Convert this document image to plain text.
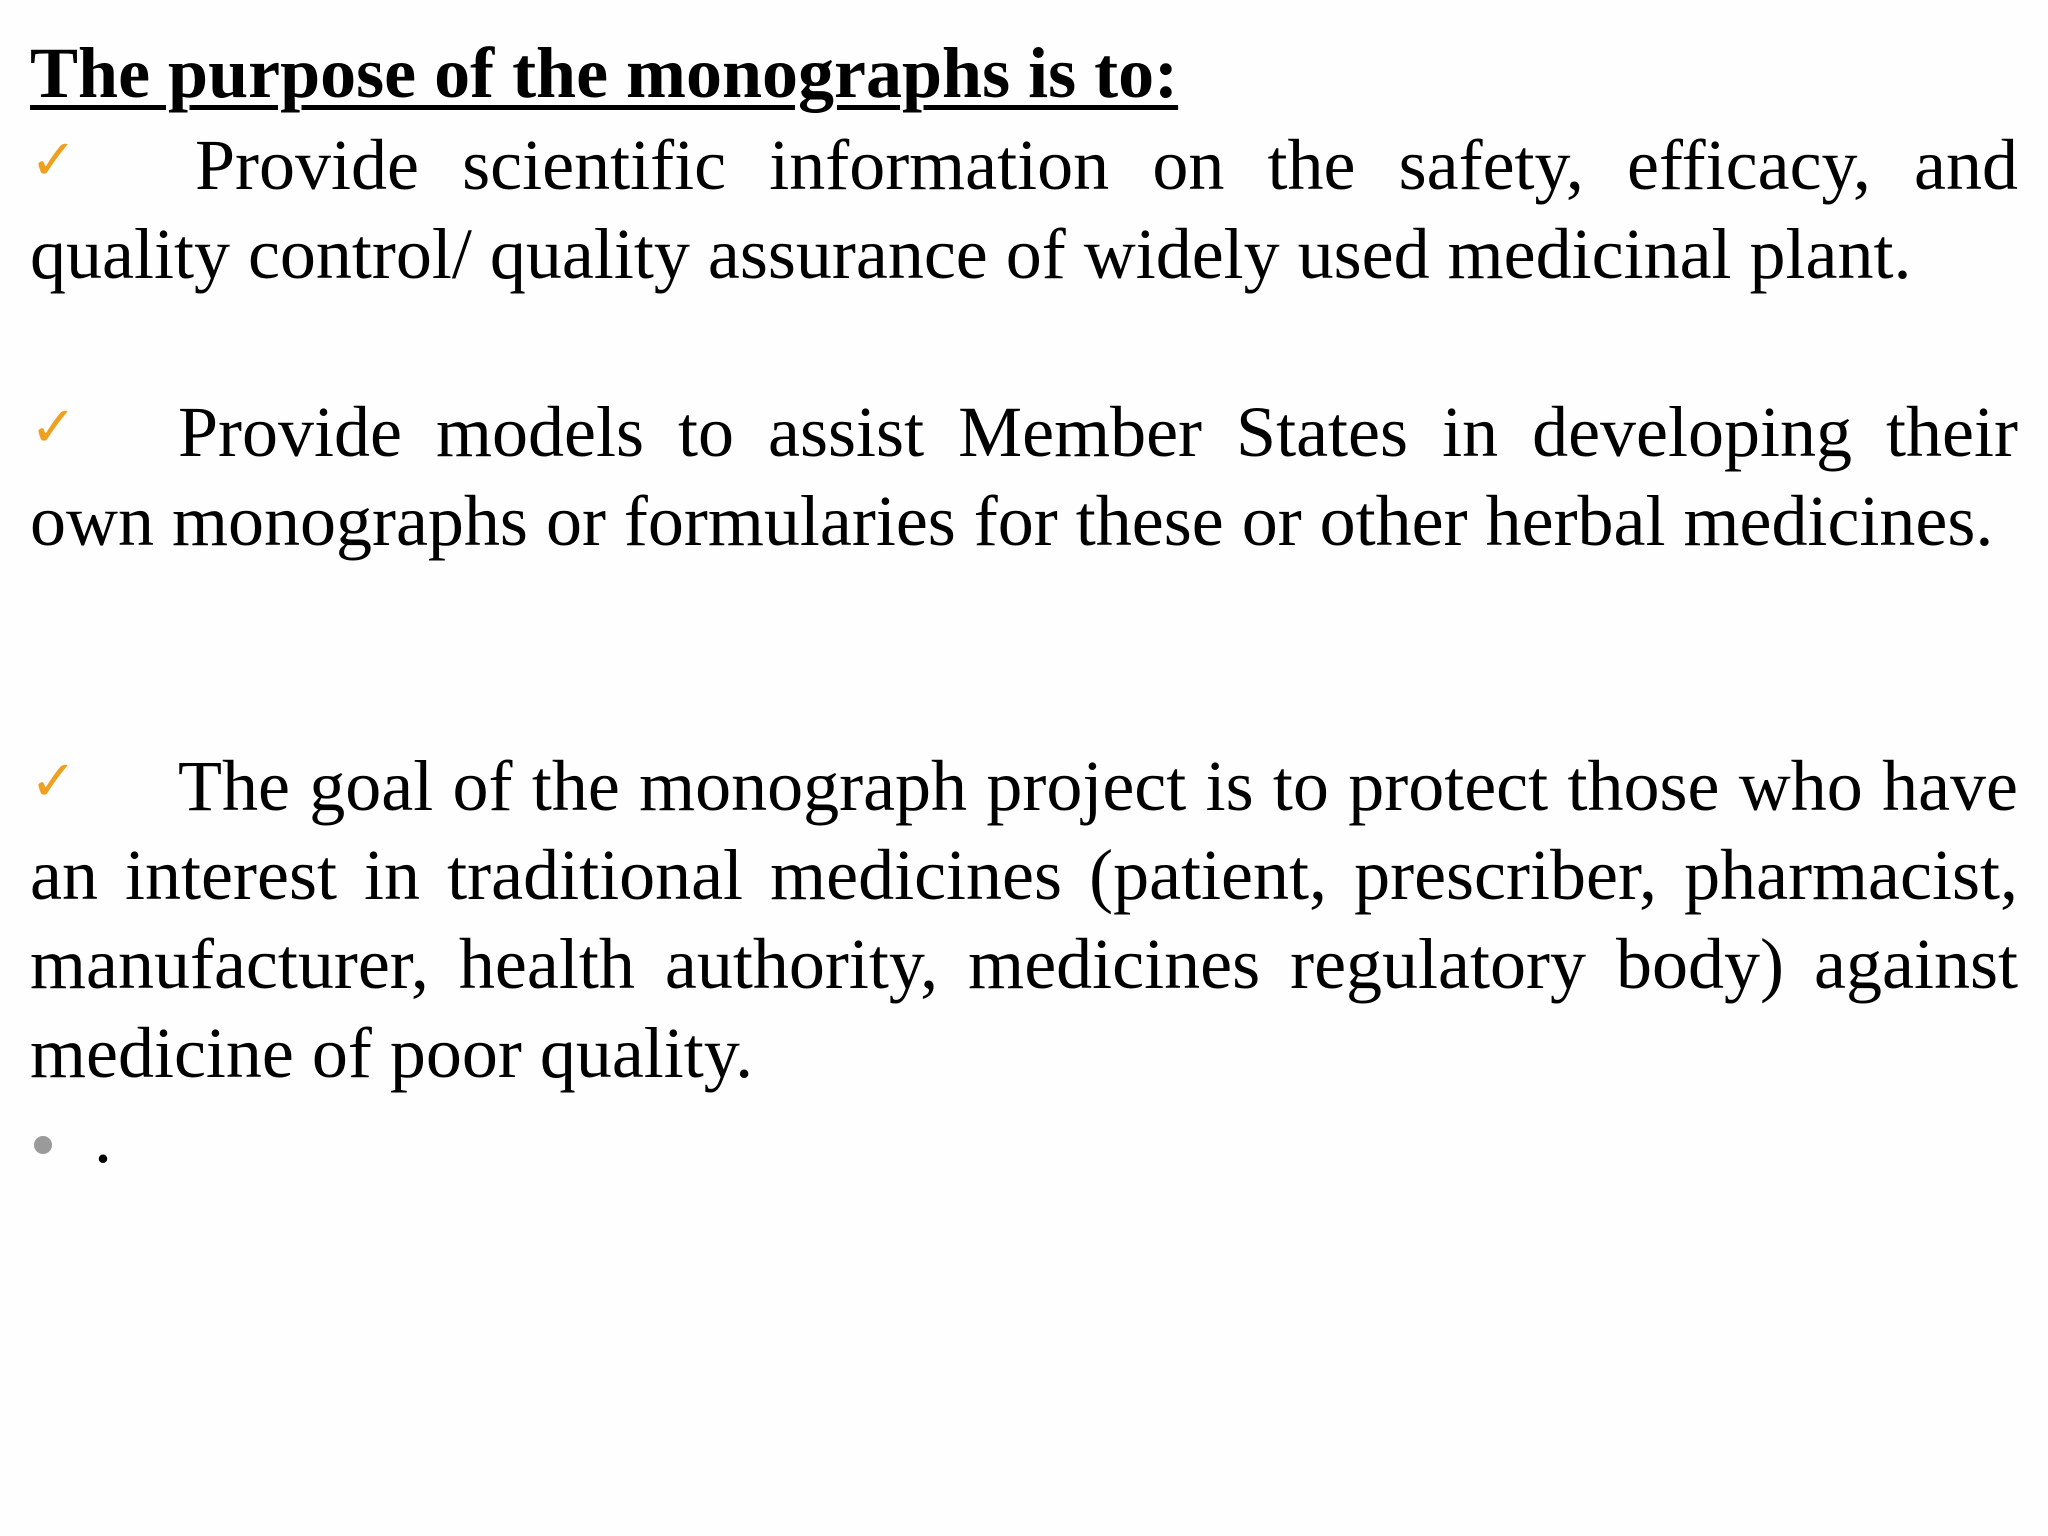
The purpose of the monographs is to:

✓ Provide scientific information on the safety, efficacy, and quality control/ quality assurance of widely used medicinal plant.

✓ Provide models to assist Member States in developing their own monographs or formularies for these or other herbal medicines.

✓ The goal of the monograph project is to protect those who have an interest in traditional medicines (patient, prescriber, pharmacist, manufacturer, health authority, medicines regulatory body) against medicine of poor quality.

.
